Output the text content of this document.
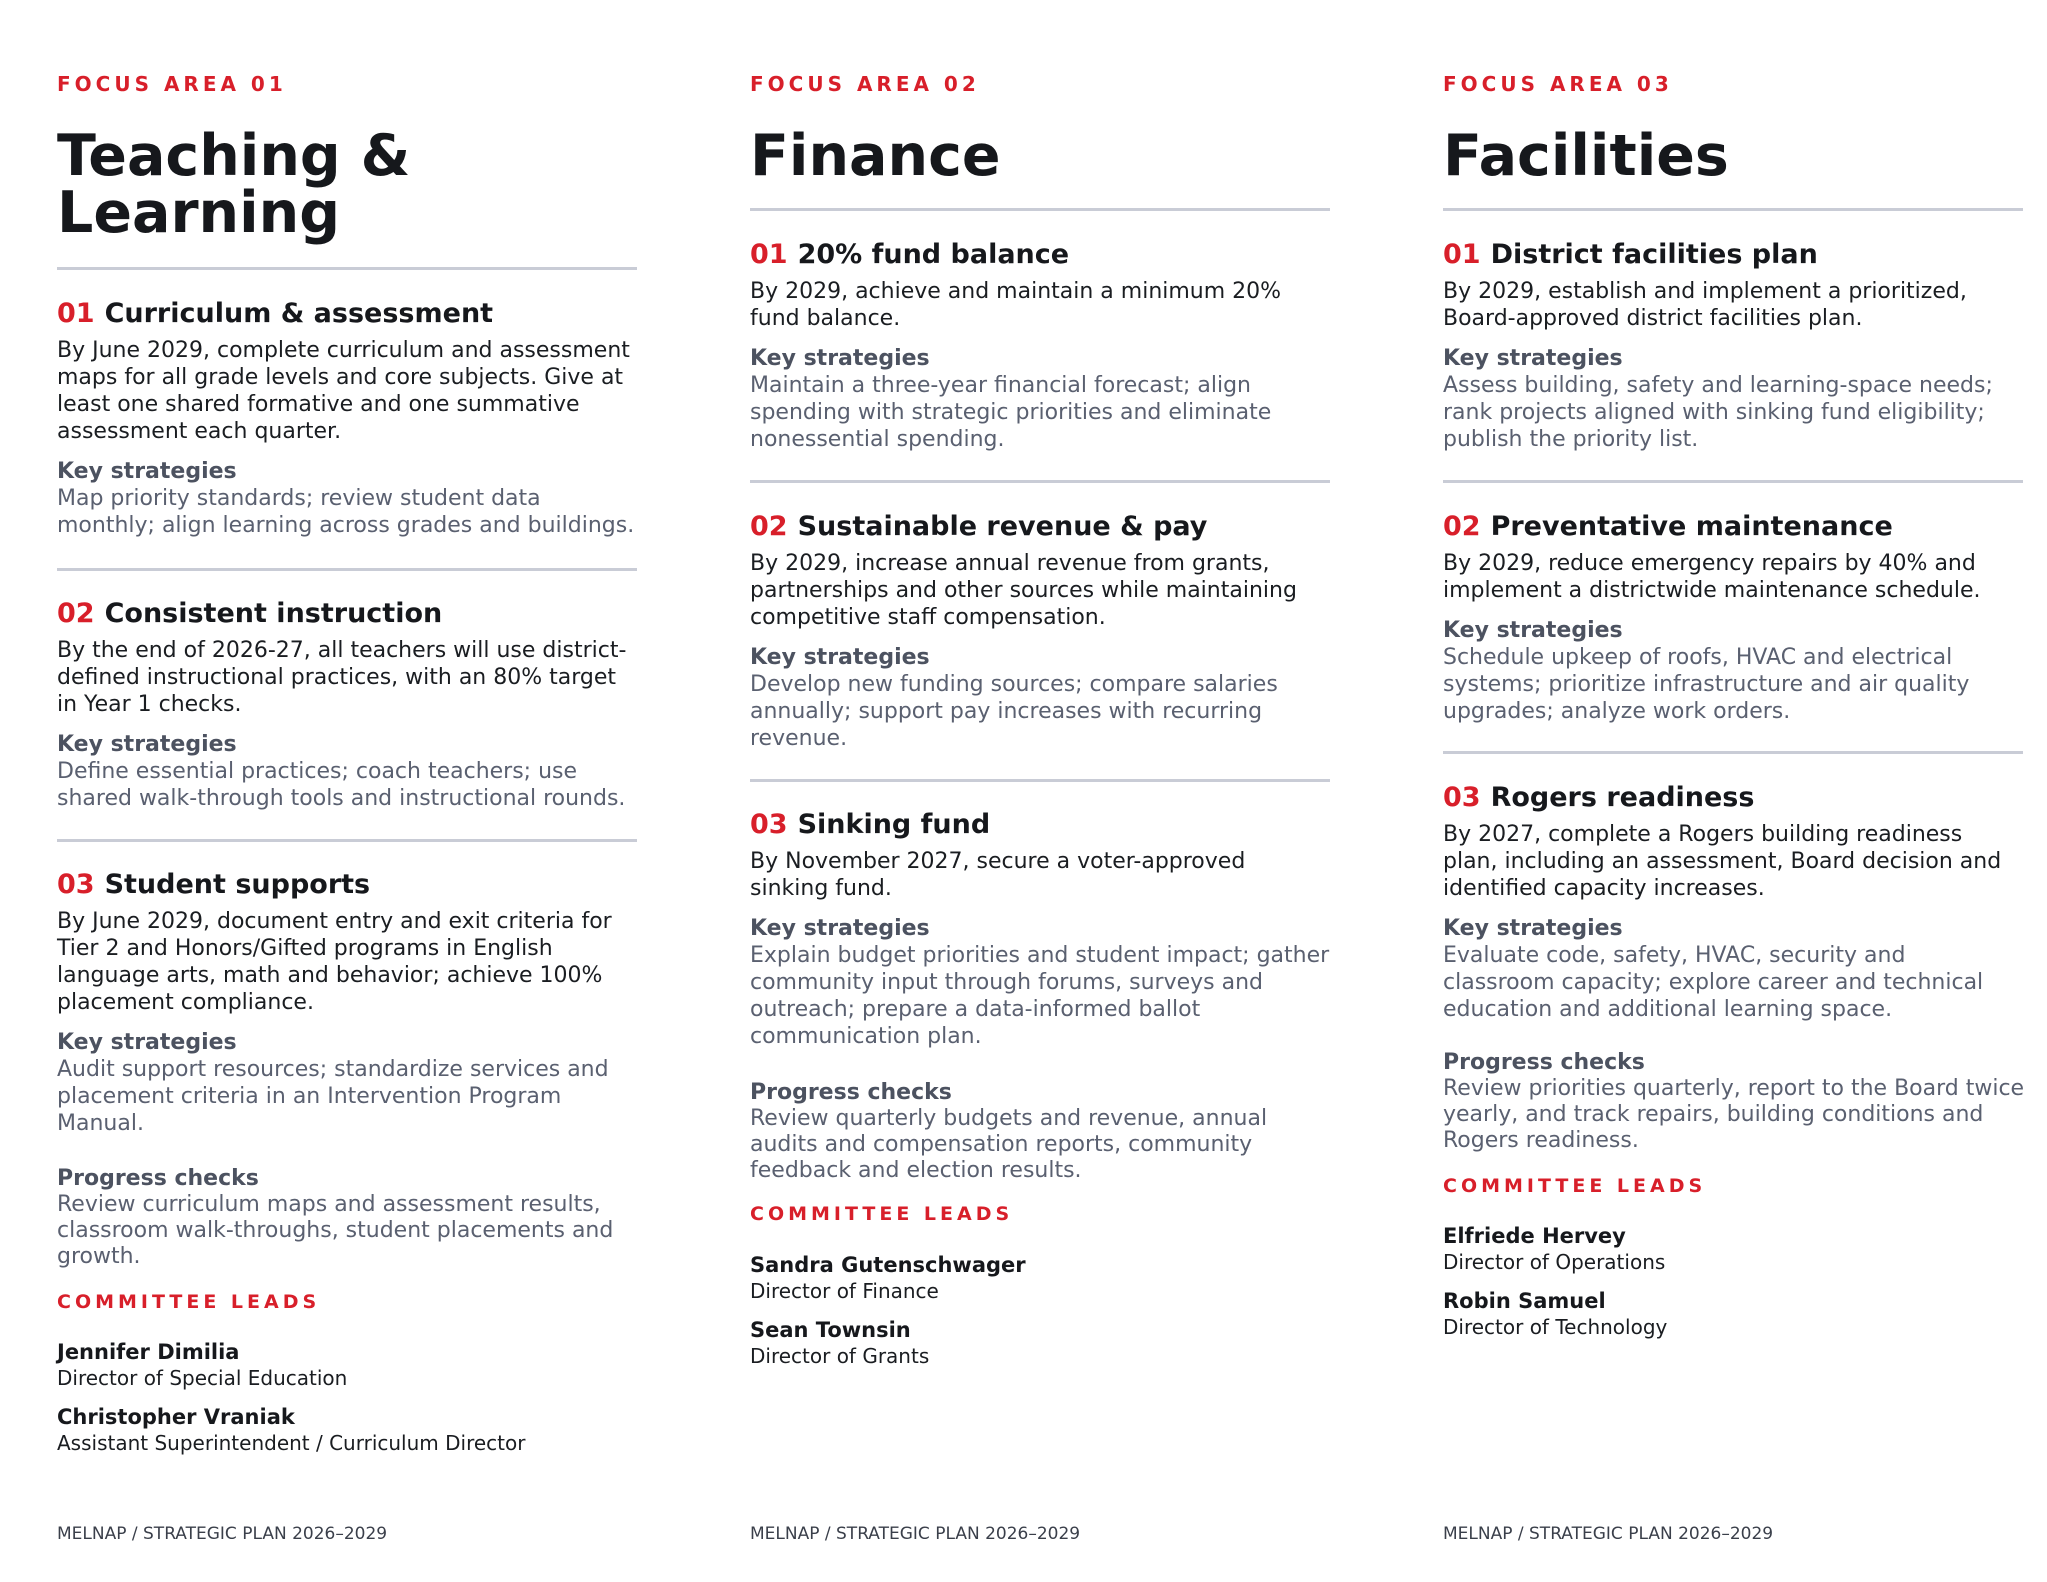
FOCUS AREA 01
Teaching &
Learning
01 Curriculum & assessment
By June 2029, complete curriculum and assessment maps for all grade levels and core subjects. Give at least one shared formative and one summative assessment each quarter.
Key strategies
Map priority standards; review student data monthly; align learning across grades and buildings.
02 Consistent instruction
By the end of 2026-27, all teachers will use district-defined instructional practices, with an 80% target in Year 1 checks.
Key strategies
Define essential practices; coach teachers; use shared walk-through tools and instructional rounds.
03 Student supports
By June 2029, document entry and exit criteria for Tier 2 and Honors/Gifted programs in English language arts, math and behavior; achieve 100% placement compliance.
Key strategies
Audit support resources; standardize services and placement criteria in an Intervention Program Manual.
Progress checks
Review curriculum maps and assessment results, classroom walk-throughs, student placements and growth.
COMMITTEE LEADS
Jennifer Dimilia
Director of Special Education
Christopher Vraniak
Assistant Superintendent / Curriculum Director
MELNAP / STRATEGIC PLAN 2026–2029
FOCUS AREA 02
Finance
01 20% fund balance
By 2029, achieve and maintain a minimum 20% fund balance.
Key strategies
Maintain a three-year financial forecast; align spending with strategic priorities and eliminate nonessential spending.
02 Sustainable revenue & pay
By 2029, increase annual revenue from grants, partnerships and other sources while maintaining competitive staff compensation.
Key strategies
Develop new funding sources; compare salaries annually; support pay increases with recurring revenue.
03 Sinking fund
By November 2027, secure a voter-approved sinking fund.
Key strategies
Explain budget priorities and student impact; gather community input through forums, surveys and outreach; prepare a data-informed ballot communication plan.
Progress checks
Review quarterly budgets and revenue, annual audits and compensation reports, community feedback and election results.
COMMITTEE LEADS
Sandra Gutenschwager
Director of Finance
Sean Townsin
Director of Grants
MELNAP / STRATEGIC PLAN 2026–2029
FOCUS AREA 03
Facilities
01 District facilities plan
By 2029, establish and implement a prioritized, Board-approved district facilities plan.
Key strategies
Assess building, safety and learning-space needs; rank projects aligned with sinking fund eligibility; publish the priority list.
02 Preventative maintenance
By 2029, reduce emergency repairs by 40% and implement a districtwide maintenance schedule.
Key strategies
Schedule upkeep of roofs, HVAC and electrical systems; prioritize infrastructure and air quality upgrades; analyze work orders.
03 Rogers readiness
By 2027, complete a Rogers building readiness plan, including an assessment, Board decision and identified capacity increases.
Key strategies
Evaluate code, safety, HVAC, security and classroom capacity; explore career and technical education and additional learning space.
Progress checks
Review priorities quarterly, report to the Board twice yearly, and track repairs, building conditions and Rogers readiness.
COMMITTEE LEADS
Elfriede Hervey
Director of Operations
Robin Samuel
Director of Technology
MELNAP / STRATEGIC PLAN 2026–2029
